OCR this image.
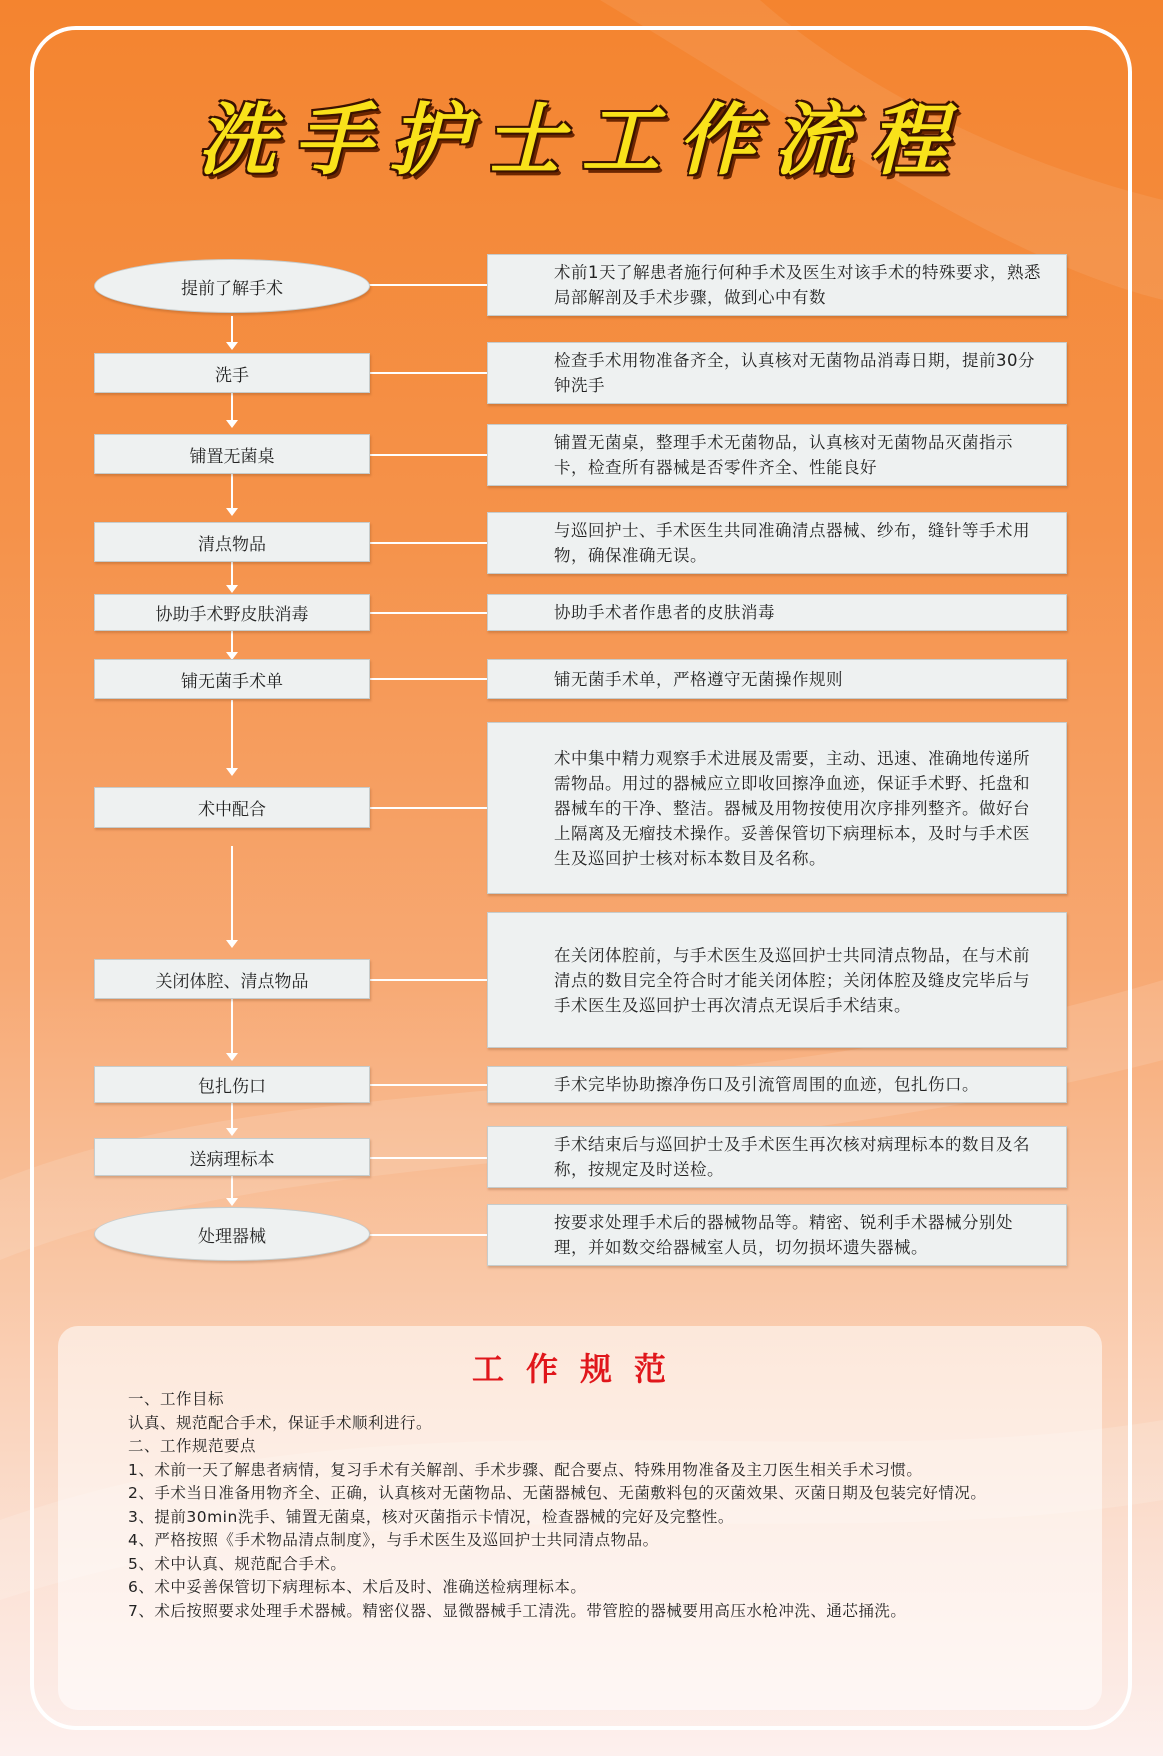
洗手护士工作流程
提前了解手术
洗手
铺置无菌桌
清点物品
协助手术野皮肤消毒
铺无菌手术单
术中配合
关闭体腔、清点物品
包扎伤口
送病理标本
处理器械
术前1天了解患者施行何种手术及医生对该手术的特殊要求，熟悉局部解剖及手术步骤，做到心中有数
检查手术用物准备齐全，认真核对无菌物品消毒日期，提前30分钟洗手
铺置无菌桌，整理手术无菌物品，认真核对无菌物品灭菌指示卡，检查所有器械是否零件齐全、性能良好
与巡回护士、手术医生共同准确清点器械、纱布，缝针等手术用物，确保准确无误。
协助手术者作患者的皮肤消毒
铺无菌手术单，严格遵守无菌操作规则
术中集中精力观察手术进展及需要，主动、迅速、准确地传递所需物品。用过的器械应立即收回擦净血迹，保证手术野、托盘和器械车的干净、整洁。器械及用物按使用次序排列整齐。做好台上隔离及无瘤技术操作。妥善保管切下病理标本，及时与手术医生及巡回护士核对标本数目及名称。
在关闭体腔前，与手术医生及巡回护士共同清点物品，在与术前清点的数目完全符合时才能关闭体腔；关闭体腔及缝皮完毕后与手术医生及巡回护士再次清点无误后手术结束。
手术完毕协助擦净伤口及引流管周围的血迹，包扎伤口。
手术结束后与巡回护士及手术医生再次核对病理标本的数目及名称，按规定及时送检。
按要求处理手术后的器械物品等。精密、锐利手术器械分别处理，并如数交给器械室人员，切勿损坏遗失器械。
工作规范

一、工作目标

认真、规范配合手术，保证手术顺利进行。

二、工作规范要点

1、术前一天了解患者病情，复习手术有关解剖、手术步骤、配合要点、特殊用物准备及主刀医生相关手术习惯。

2、手术当日准备用物齐全、正确，认真核对无菌物品、无菌器械包、无菌敷料包的灭菌效果、灭菌日期及包装完好情况。

3、提前30min洗手、铺置无菌桌，核对灭菌指示卡情况，检查器械的完好及完整性。

4、严格按照《手术物品清点制度》，与手术医生及巡回护士共同清点物品。

5、术中认真、规范配合手术。

6、术中妥善保管切下病理标本、术后及时、准确送检病理标本。

7、术后按照要求处理手术器械。精密仪器、显微器械手工清洗。带管腔的器械要用高压水枪冲洗、通芯捅洗。
